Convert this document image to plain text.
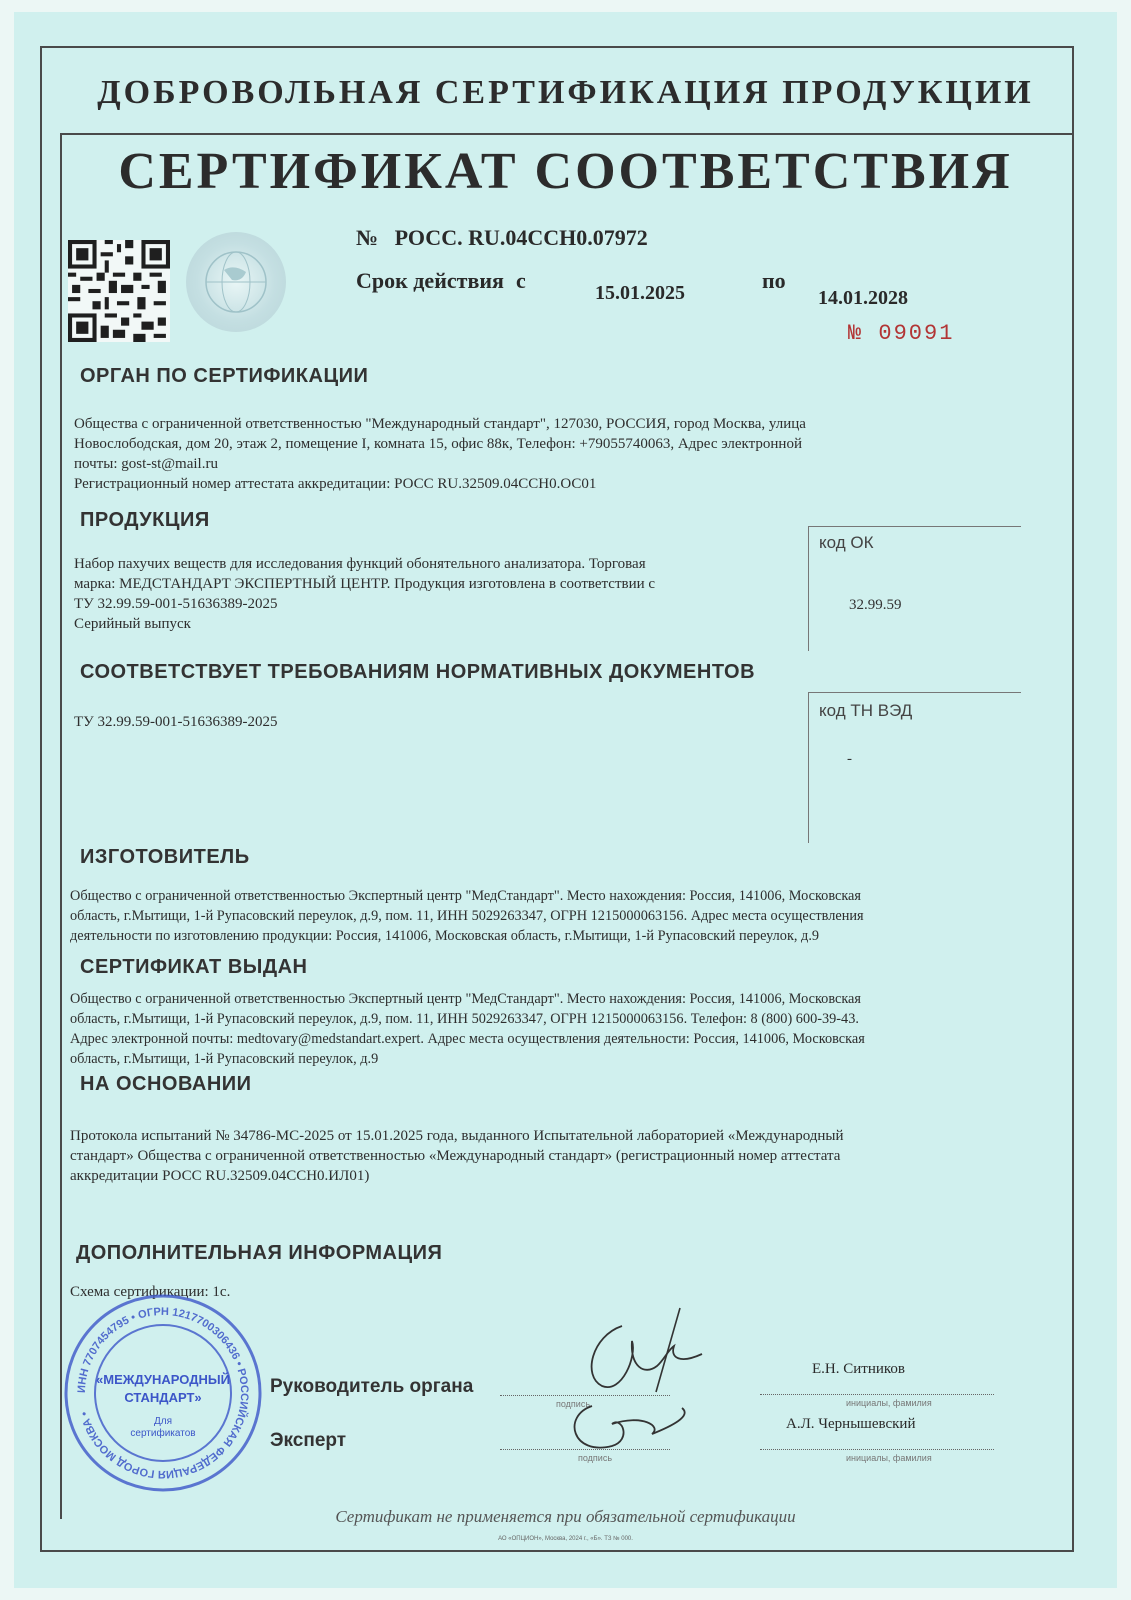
ДОБРОВОЛЬНАЯ СЕРТИФИКАЦИЯ ПРОДУКЦИИ
СЕРТИФИКАТ СООТВЕТСТВИЯ
№ РОСС. RU.04ССН0.07972
Срок действия с	15.01.2025	по
14.01.2028
№ 09091
ОРГАН ПО СЕРТИФИКАЦИИ
Общества с ограниченной ответственностью "Международный стандарт", 127030, РОССИЯ, город Москва, улица
Новослободская, дом 20, этаж 2, помещение I, комната 15, офис 88к, Телефон: +79055740063, Адрес электронной
почты: gost-st@mail.ru
Регистрационный номер аттестата аккредитации: РОСС RU.32509.04ССН0.ОС01
ПРОДУКЦИЯ
Набор пахучих веществ для исследования функций обонятельного анализатора. Торговая
марка: МЕДСТАНДАРТ ЭКСПЕРТНЫЙ ЦЕНТР. Продукция изготовлена в соответствии с
ТУ 32.99.59-001-51636389-2025
Серийный выпуск
код ОК
32.99.59
СООТВЕТСТВУЕТ ТРЕБОВАНИЯМ НОРМАТИВНЫХ ДОКУМЕНТОВ
ТУ 32.99.59-001-51636389-2025
код ТН ВЭД
-
ИЗГОТОВИТЕЛЬ
Общество с ограниченной ответственностью Экспертный центр "МедСтандарт". Место нахождения: Россия, 141006, Московская
область, г.Мытищи, 1-й Рупасовский переулок, д.9, пом. 11, ИНН 5029263347, ОГРН 1215000063156. Адрес места осуществления
деятельности по изготовлению продукции: Россия, 141006, Московская область, г.Мытищи, 1-й Рупасовский переулок, д.9
СЕРТИФИКАТ ВЫДАН
Общество с ограниченной ответственностью Экспертный центр "МедСтандарт". Место нахождения: Россия, 141006, Московская
область, г.Мытищи, 1-й Рупасовский переулок, д.9, пом. 11, ИНН 5029263347, ОГРН 1215000063156. Телефон: 8 (800) 600-39-43.
Адрес электронной почты: medtovary@medstandart.expert. Адрес места осуществления деятельности: Россия, 141006, Московская
область, г.Мытищи, 1-й Рупасовский переулок, д.9
НА ОСНОВАНИИ
Протокола испытаний № 34786-МС-2025 от 15.01.2025 года, выданного Испытательной лабораторией «Международный
стандарт» Общества с ограниченной ответственностью «Международный стандарт» (регистрационный номер аттестата
аккредитации РОСС RU.32509.04ССН0.ИЛ01)
ДОПОЛНИТЕЛЬНАЯ ИНФОРМАЦИЯ
Схема сертификации: 1с.
ИНН 7707454795 • ОГРН 1217700306436 • РОССИЙСКАЯ ФЕДЕРАЦИЯ ГОРОД МОСКВА •
«МЕЖДУНАРОДНЫЙ
СТАНДАРТ»
Для
сертификатов
Руководитель органа
Эксперт
подпись
подпись
Е.Н. Ситников
инициалы, фамилия
А.Л. Чернышевский
инициалы, фамилия
Сертификат не применяется при обязательной сертификации
АО «ОПЦИОН», Москва, 2024 г., «Б». ТЗ № 000.
